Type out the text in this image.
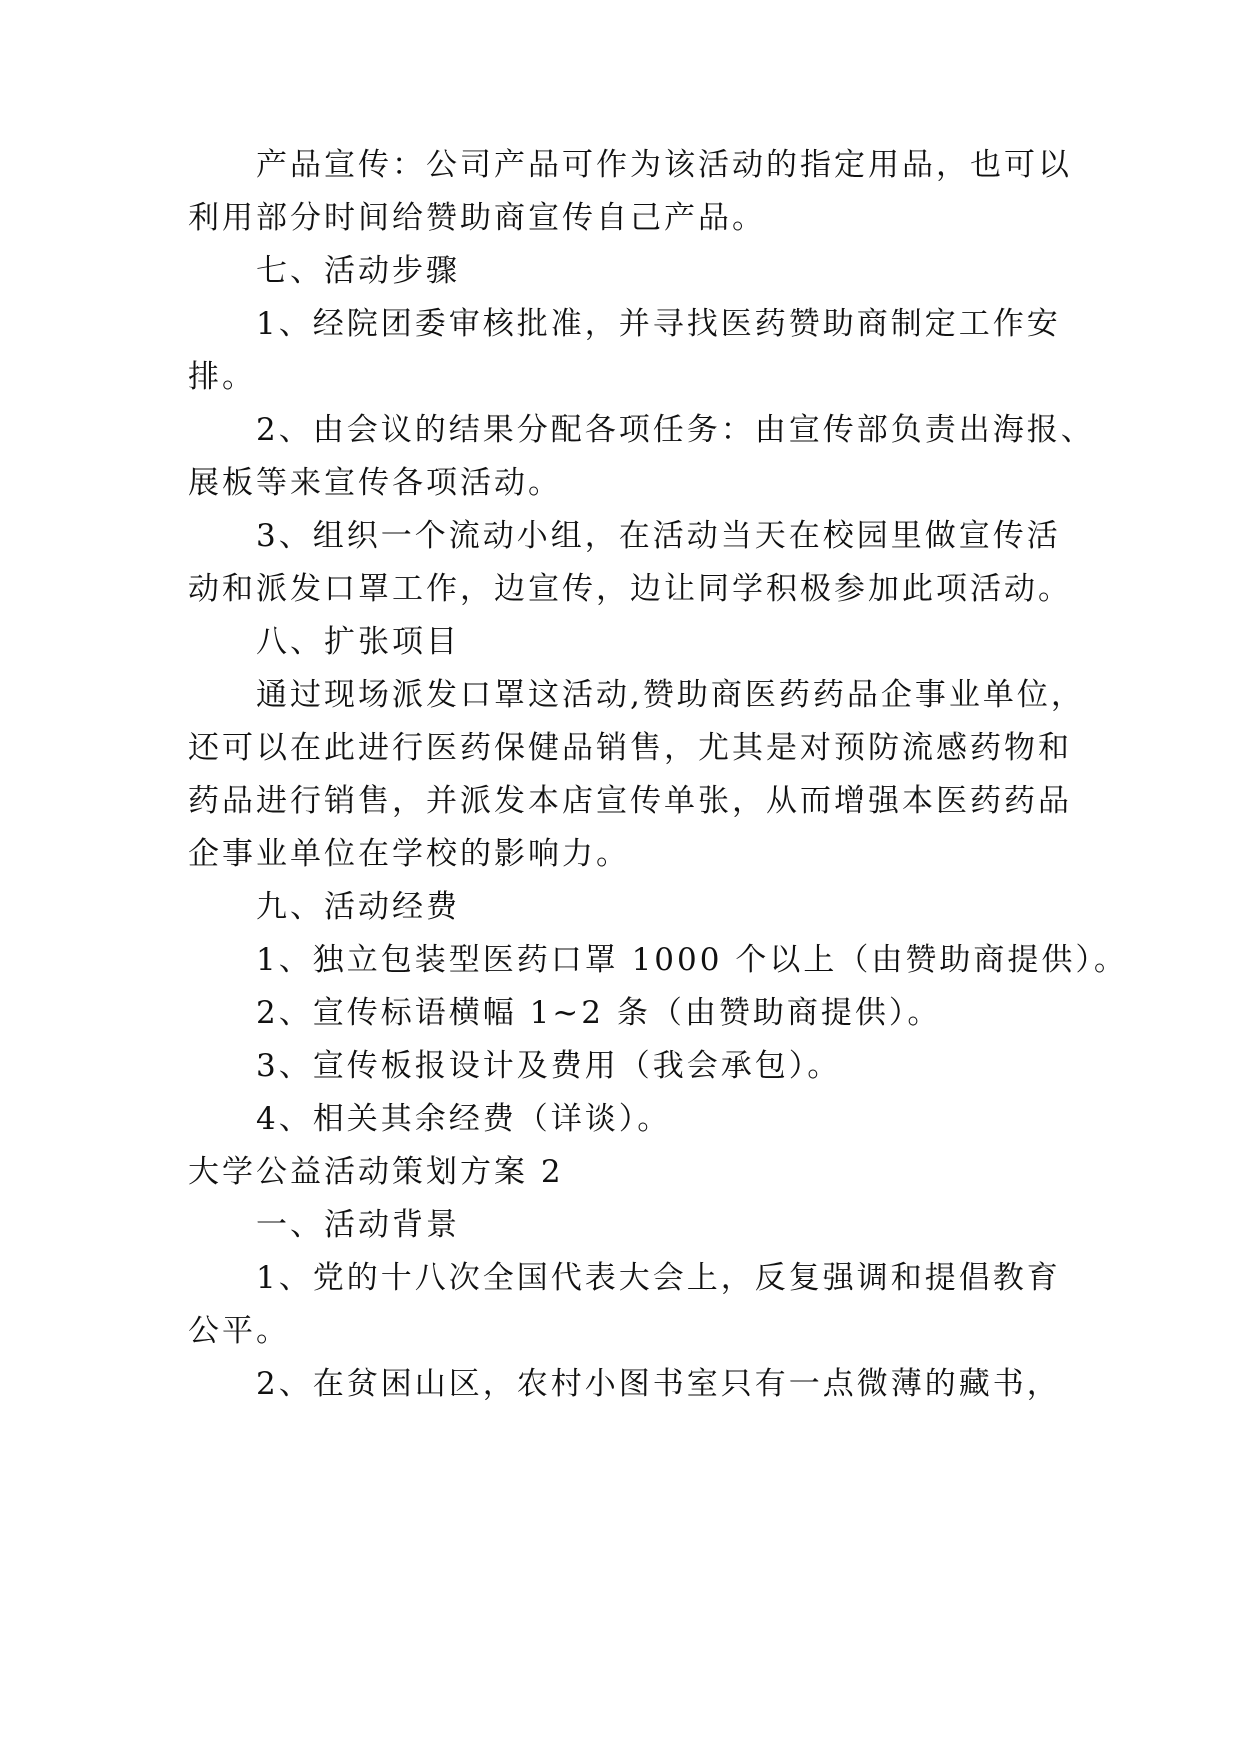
产品宣传：公司产品可作为该活动的指定用品，也可以
利用部分时间给赞助商宣传自己产品。
七、活动步骤
1、经院团委审核批准，并寻找医药赞助商制定工作安
排。
2、由会议的结果分配各项任务：由宣传部负责出海报、
展板等来宣传各项活动。
3、组织一个流动小组，在活动当天在校园里做宣传活
动和派发口罩工作，边宣传，边让同学积极参加此项活动。
八、扩张项目
通过现场派发口罩这活动,赞助商医药药品企事业单位，
还可以在此进行医药保健品销售，尤其是对预防流感药物和
药品进行销售，并派发本店宣传单张，从而增强本医药药品
企事业单位在学校的影响力。
九、活动经费
1、独立包装型医药口罩 1000 个以上（由赞助商提供）。
2、宣传标语横幅 1~2 条（由赞助商提供）。
3、宣传板报设计及费用（我会承包）。
4、相关其余经费（详谈）。
大学公益活动策划方案 2
一、活动背景
1、党的十八次全国代表大会上，反复强调和提倡教育
公平。
2、在贫困山区，农村小图书室只有一点微薄的藏书，
